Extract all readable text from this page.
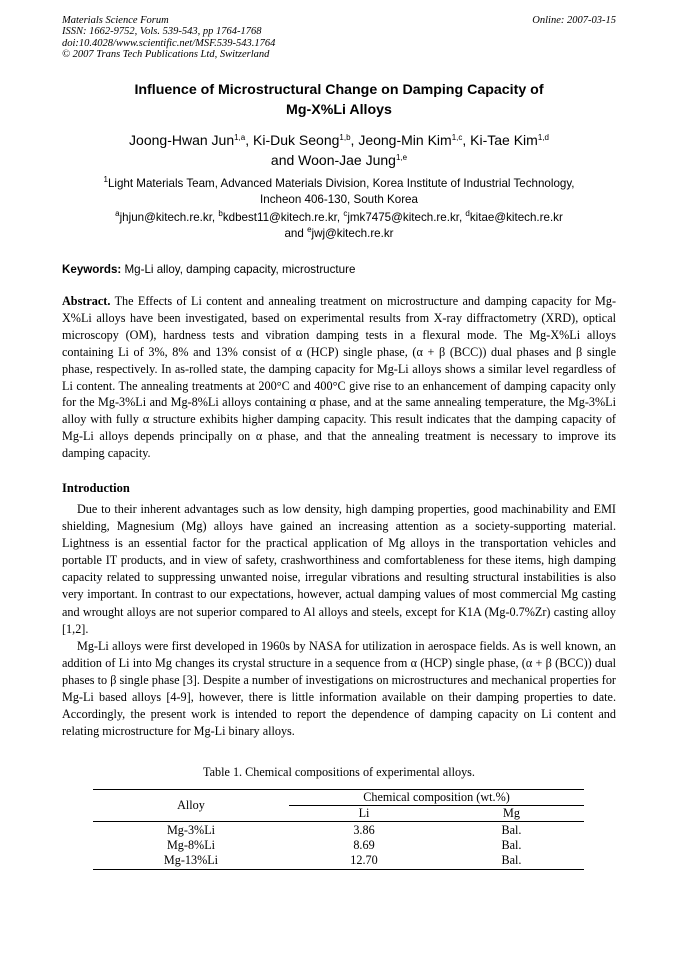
Materials Science Forum
ISSN: 1662-9752, Vols. 539-543, pp 1764-1768
doi:10.4028/www.scientific.net/MSF.539-543.1764
© 2007 Trans Tech Publications Ltd, Switzerland
Online: 2007-03-15
Influence of Microstructural Change on Damping Capacity of
Mg-X%Li Alloys
Joong-Hwan Jun$^{1,a}$, Ki-Duk Seong$^{1,b}$, Jeong-Min Kim$^{1,c}$, Ki-Tae Kim$^{1,d}$
and Woon-Jae Jung$^{1,e}$
$^1$Light Materials Team, Advanced Materials Division, Korea Institute of Industrial Technology,
Incheon 406-130, South Korea
$^a$jhjun@kitech.re.kr, $^b$kdbest11@kitech.re.kr, $^c$jmk7475@kitech.re.kr, $^d$kitae@kitech.re.kr
and $^e$jwj@kitech.re.kr
Keywords: Mg-Li alloy, damping capacity, microstructure
Abstract. The Effects of Li content and annealing treatment on microstructure and damping capacity for Mg-X%Li alloys have been investigated, based on experimental results from X-ray diffractometry (XRD), optical microscopy (OM), hardness tests and vibration damping tests in a flexural mode. The Mg-X%Li alloys containing Li of 3%, 8% and 13% consist of α (HCP) single phase, (α + β (BCC)) dual phases and β single phase, respectively. In as-rolled state, the damping capacity for Mg-Li alloys shows a similar level regardless of Li content. The annealing treatments at 200°C and 400°C give rise to an enhancement of damping capacity only for the Mg-3%Li and Mg-8%Li alloys containing α phase, and at the same annealing temperature, the Mg-3%Li alloy with fully α structure exhibits higher damping capacity. This result indicates that the damping capacity of Mg-Li alloys depends principally on α phase, and that the annealing treatment is necessary to improve its damping capacity.
Introduction

Due to their inherent advantages such as low density, high damping properties, good machinability and EMI shielding, Magnesium (Mg) alloys have gained an increasing attention as a society-supporting material. Lightness is an essential factor for the practical application of Mg alloys in the transportation vehicles and portable IT products, and in view of safety, crashworthiness and comfortableness for these items, high damping capacity related to suppressing unwanted noise, irregular vibrations and resulting structural instabilities is also very important. In contrast to our expectations, however, actual damping values of most commercial Mg casting and wrought alloys are not superior compared to Al alloys and steels, except for K1A (Mg-0.7%Zr) casting alloy [1,2].

Mg-Li alloys were first developed in 1960s by NASA for utilization in aerospace fields. As is well known, an addition of Li into Mg changes its crystal structure in a sequence from α (HCP) single phase, (α + β (BCC)) dual phases to β single phase [3]. Despite a number of investigations on microstructures and mechanical properties for Mg-Li based alloys [4-9], however, there is little information available on their damping properties to date. Accordingly, the present work is intended to report the dependence of damping capacity on Li content and relating microstructure for Mg-Li binary alloys.

Table 1. Chemical compositions of experimental alloys.
Alloy	Chemical composition (wt.%)	
	Li	Mg
Mg-3%Li	3.86	Bal.
Mg-8%Li	8.69	Bal.
Mg-13%Li	12.70	Bal.
